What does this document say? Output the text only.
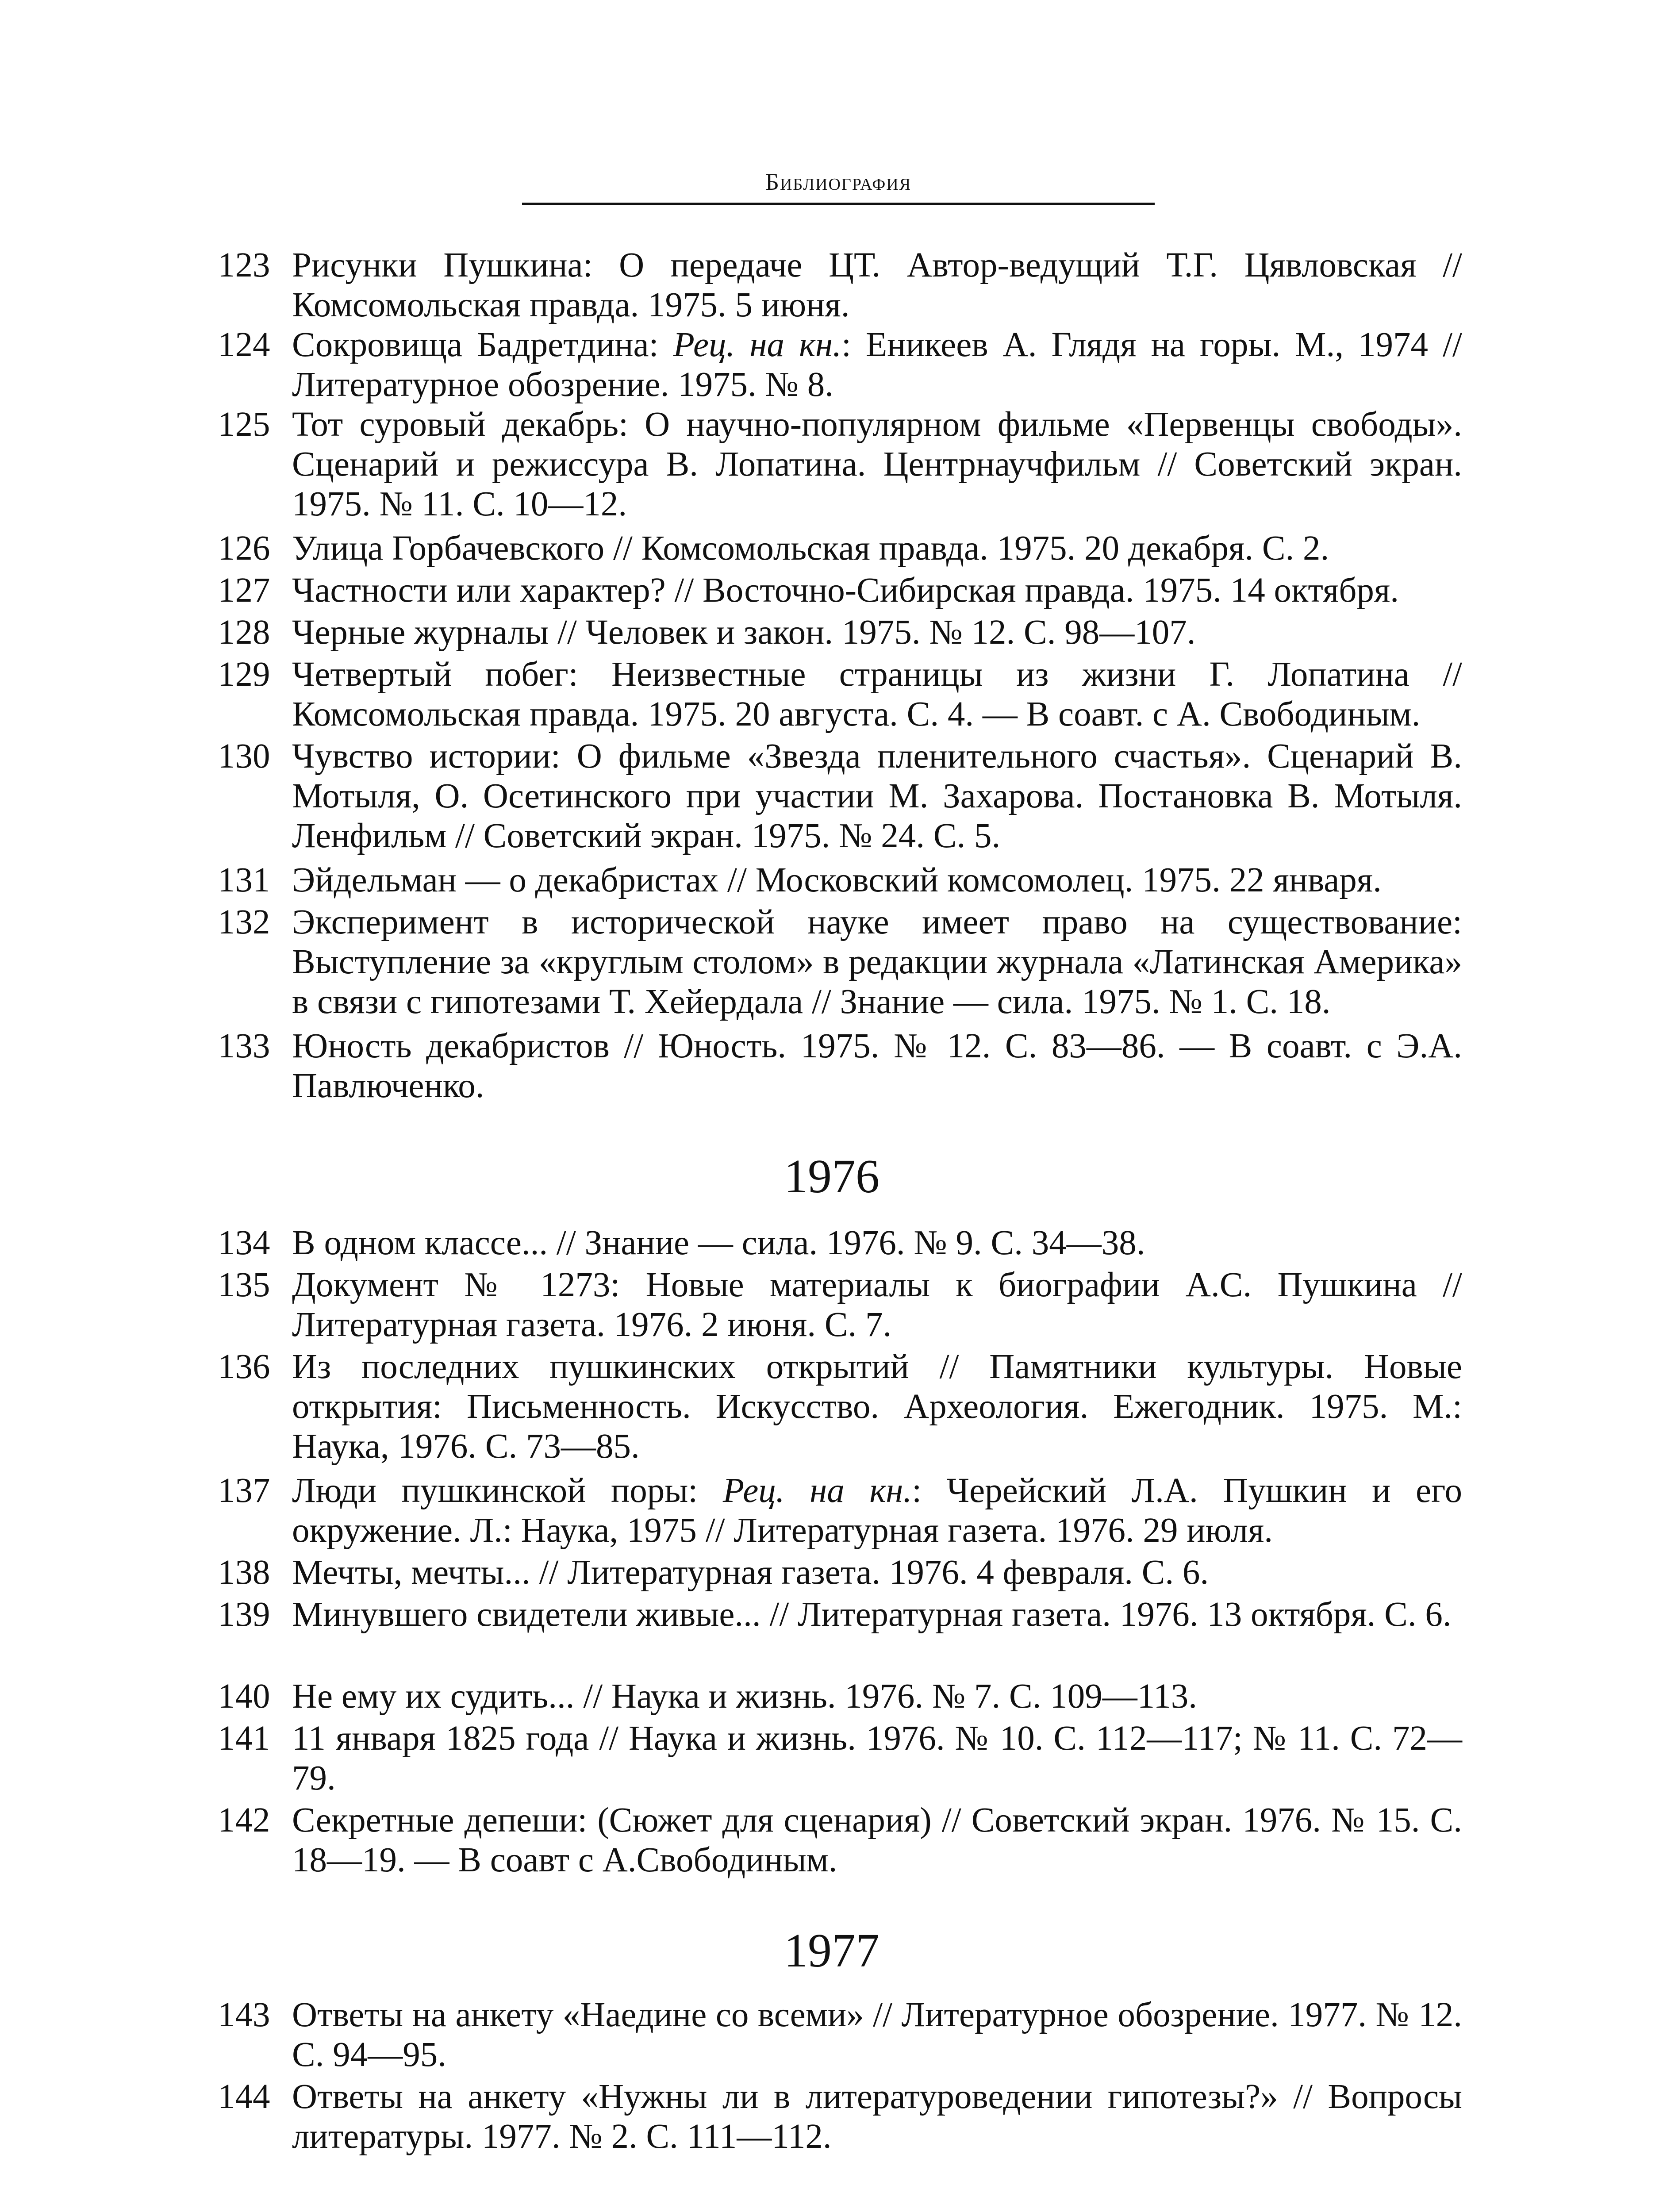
Библиография
123 Рисунки Пушкина: О передаче ЦТ. Автор-ведущий Т.Г. Цявловская // Комсомольская правда. 1975. 5 июня.
124 Сокровища Бадретдина: Рец. на кн.: Еникеев А. Глядя на горы. М., 1974 // Литературное обозрение. 1975. № 8.
125 Тот суровый декабрь: О научно-популярном фильме «Первенцы свободы». Сценарий и режиссура В. Лопатина. Центрнаучфильм // Советский экран. 1975. № 11. С. 10—12.
126 Улица Горбачевского // Комсомольская правда. 1975. 20 декабря. С. 2.
127 Частности или характер? // Восточно-Сибирская правда. 1975. 14 октября.
128 Черные журналы // Человек и закон. 1975. № 12. С. 98—107.
129 Четвертый побег: Неизвестные страницы из жизни Г. Лопатина // Комсомольская правда. 1975. 20 августа. С. 4. — В соавт. с А. Свободиным.
130 Чувство истории: О фильме «Звезда пленительного счастья». Сценарий В. Мотыля, О. Осетинского при участии М. Захарова. Постановка В. Мотыля. Ленфильм // Советский экран. 1975. № 24. С. 5.
131 Эйдельман — о декабристах // Московский комсомолец. 1975. 22 января.
132 Эксперимент в исторической науке имеет право на существование: Выступление за «круглым столом» в редакции журнала «Латинская Америка» в связи с гипотезами Т. Хейердала // Знание — сила. 1975. № 1. С. 18.
133 Юность декабристов // Юность. 1975. № 12. С. 83—86. — В соавт. с Э.А. Павлюченко.
1976
134 В одном классе... // Знание — сила. 1976. № 9. С. 34—38.
135 Документ № 1273: Новые материалы к биографии А.С. Пушкина // Литературная газета. 1976. 2 июня. С. 7.
136 Из последних пушкинских открытий // Памятники культуры. Новые открытия: Письменность. Искусство. Археология. Ежегодник. 1975. М.: Наука, 1976. С. 73—85.
137 Люди пушкинской поры: Рец. на кн.: Черейский Л.А. Пушкин и его окружение. Л.: Наука, 1975 // Литературная газета. 1976. 29 июля.
138 Мечты, мечты... // Литературная газета. 1976. 4 февраля. С. 6.
139 Минувшего свидетели живые... // Литературная газета. 1976. 13 октября. С. 6.
140 Не ему их судить... // Наука и жизнь. 1976. № 7. С. 109—113.
141 11 января 1825 года // Наука и жизнь. 1976. № 10. С. 112—117; № 11. С. 72—79.
142 Секретные депеши: (Сюжет для сценария) // Советский экран. 1976. № 15. С. 18—19. — В соавт с А.Свободиным.
1977
143 Ответы на анкету «Наедине со всеми» // Литературное обозрение. 1977. № 12. С. 94—95.
144 Ответы на анкету «Нужны ли в литературоведении гипотезы?» // Вопросы литературы. 1977. № 2. С. 111—112.
